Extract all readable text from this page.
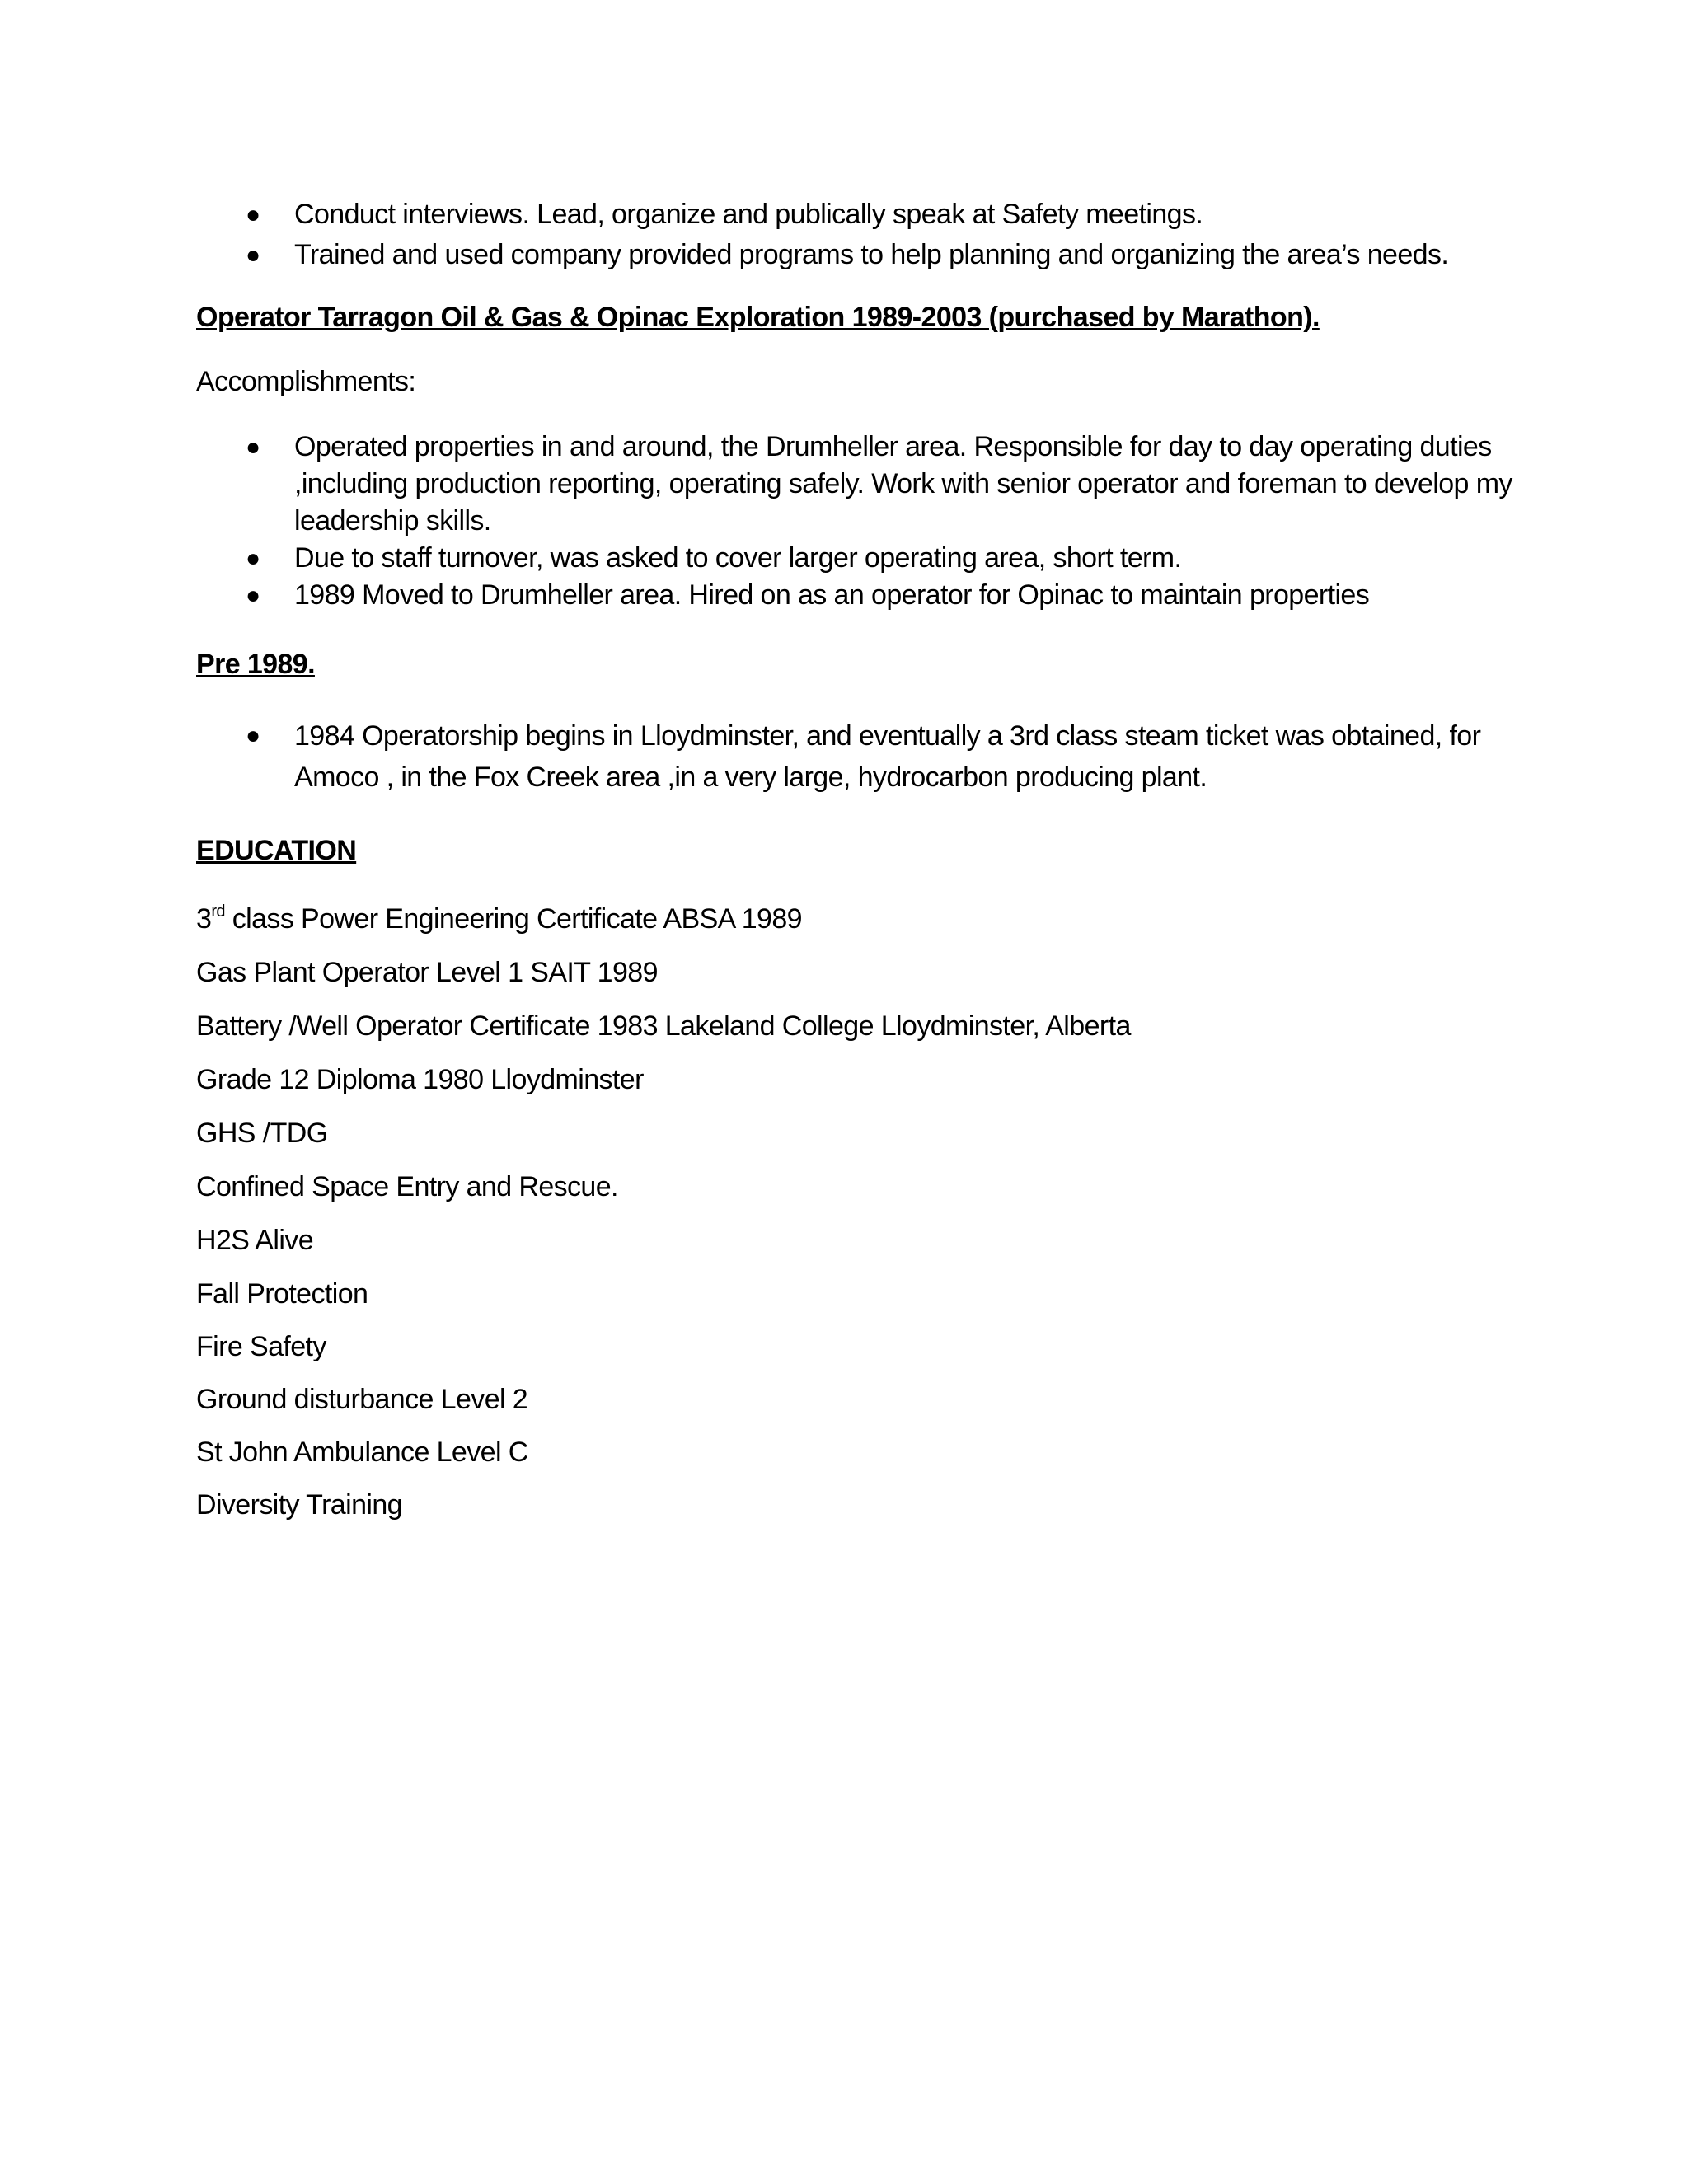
● Conduct interviews. Lead, organize and publically speak at Safety meetings.
● Trained and used company provided programs to help planning and organizing the area’s needs.
Operator Tarragon Oil & Gas & Opinac Exploration 1989-2003 (purchased by Marathon).
Accomplishments:
● Operated properties in and around, the Drumheller area. Responsible for day to day operating duties ,including production reporting, operating safely. Work with senior operator and foreman to develop my leadership skills.
● Due to staff turnover, was asked to cover larger operating area, short term.
● 1989 Moved to Drumheller area. Hired on as an operator for Opinac to maintain properties
Pre 1989.
● 1984 Operatorship begins in Lloydminster, and eventually a 3rd class steam ticket was obtained, for Amoco , in the Fox Creek area ,in a very large, hydrocarbon producing plant.
EDUCATION
3rd class Power Engineering Certificate ABSA 1989
Gas Plant Operator Level 1 SAIT 1989
Battery /Well Operator Certificate 1983 Lakeland College Lloydminster, Alberta
Grade 12 Diploma 1980 Lloydminster
GHS /TDG
Confined Space Entry and Rescue.
H2S Alive
Fall Protection
Fire Safety
Ground disturbance Level 2
St John Ambulance Level C
Diversity Training
